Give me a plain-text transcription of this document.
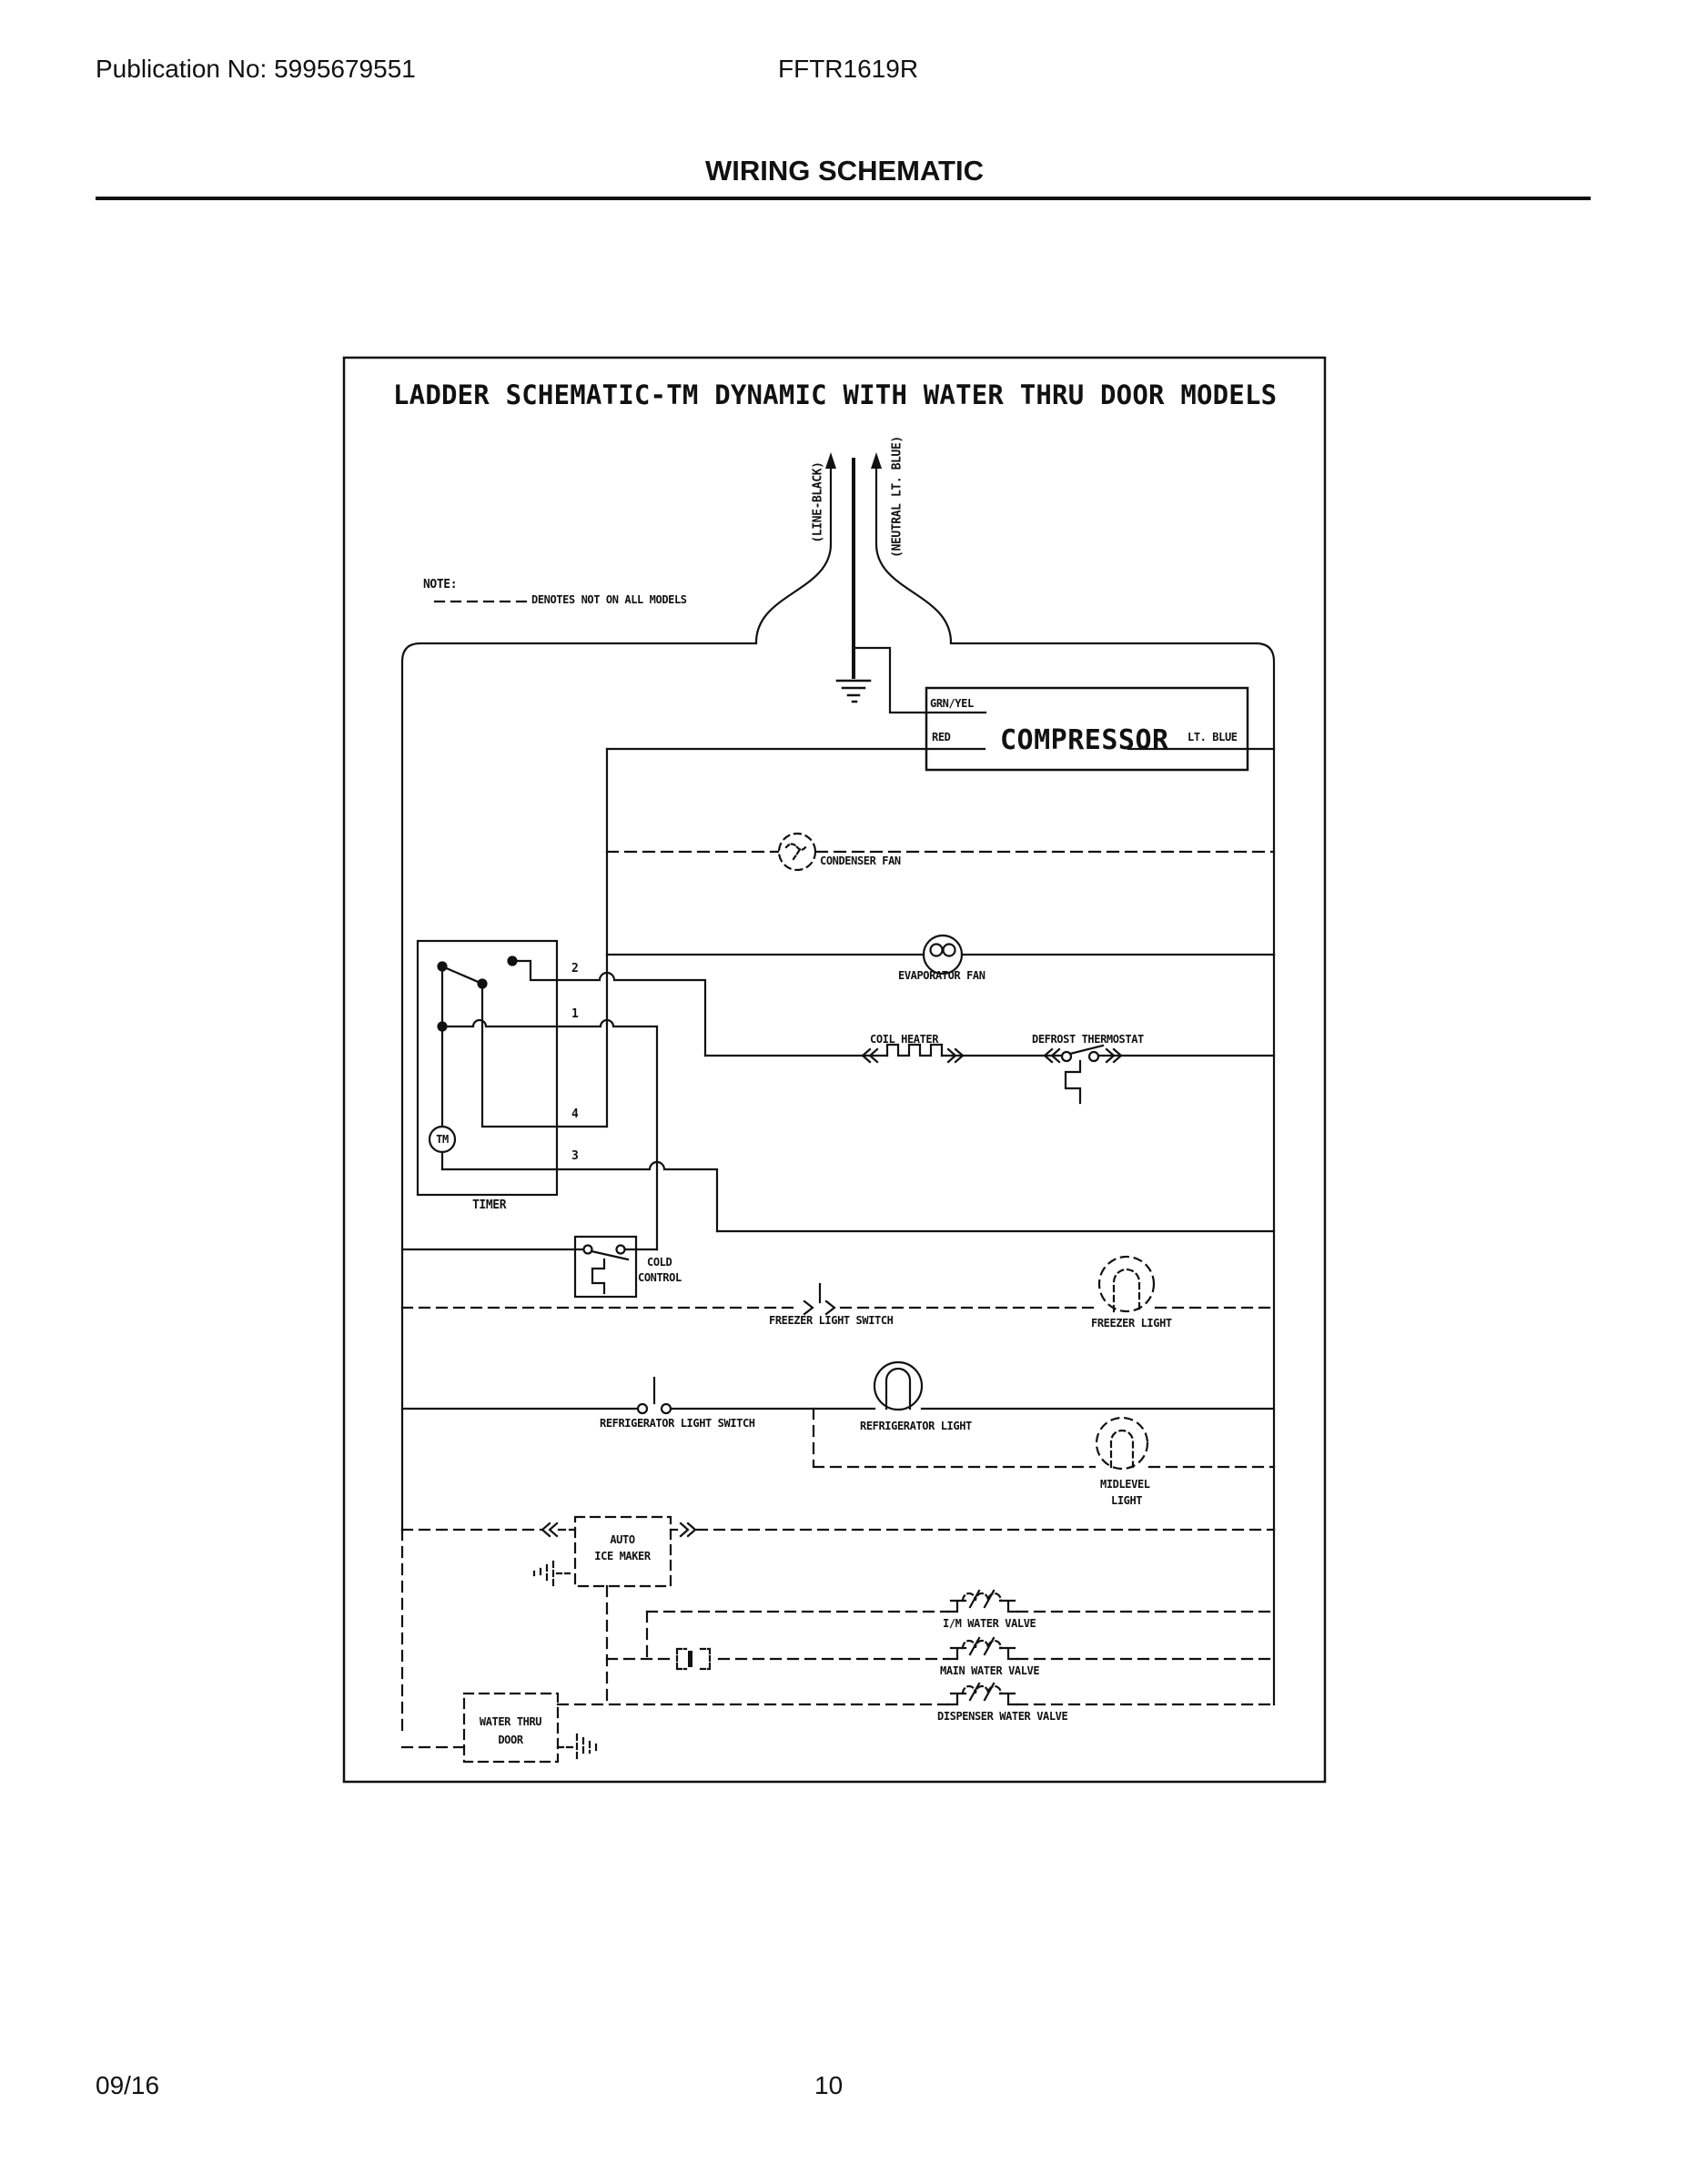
Publication No: 5995679551	FFTR1619R
WIRING SCHEMATIC
LADDER SCHEMATIC-TM DYNAMIC WITH WATER THRU DOOR MODELS
NOTE:
DENOTES NOT ON ALL MODELS
(LINE-BLACK)	(NEUTRAL LT. BLUE)
GRN/YEL
RED COMPRESSOR LT. BLUE
CONDENSER FAN
EVAPORATOR FAN
COIL HEATER	DEFROST THERMOSTAT
2
1
4
3
TM
TIMER
COLD
CONTROL
FREEZER LIGHT SWITCH	FREEZER LIGHT
REFRIGERATOR LIGHT SWITCH	REFRIGERATOR LIGHT
MIDLEVEL
LIGHT
AUTO
ICE MAKER
I/M WATER VALVE
MAIN WATER VALVE
DISPENSER WATER VALVE
WATER THRU
DOOR
09/16	10
